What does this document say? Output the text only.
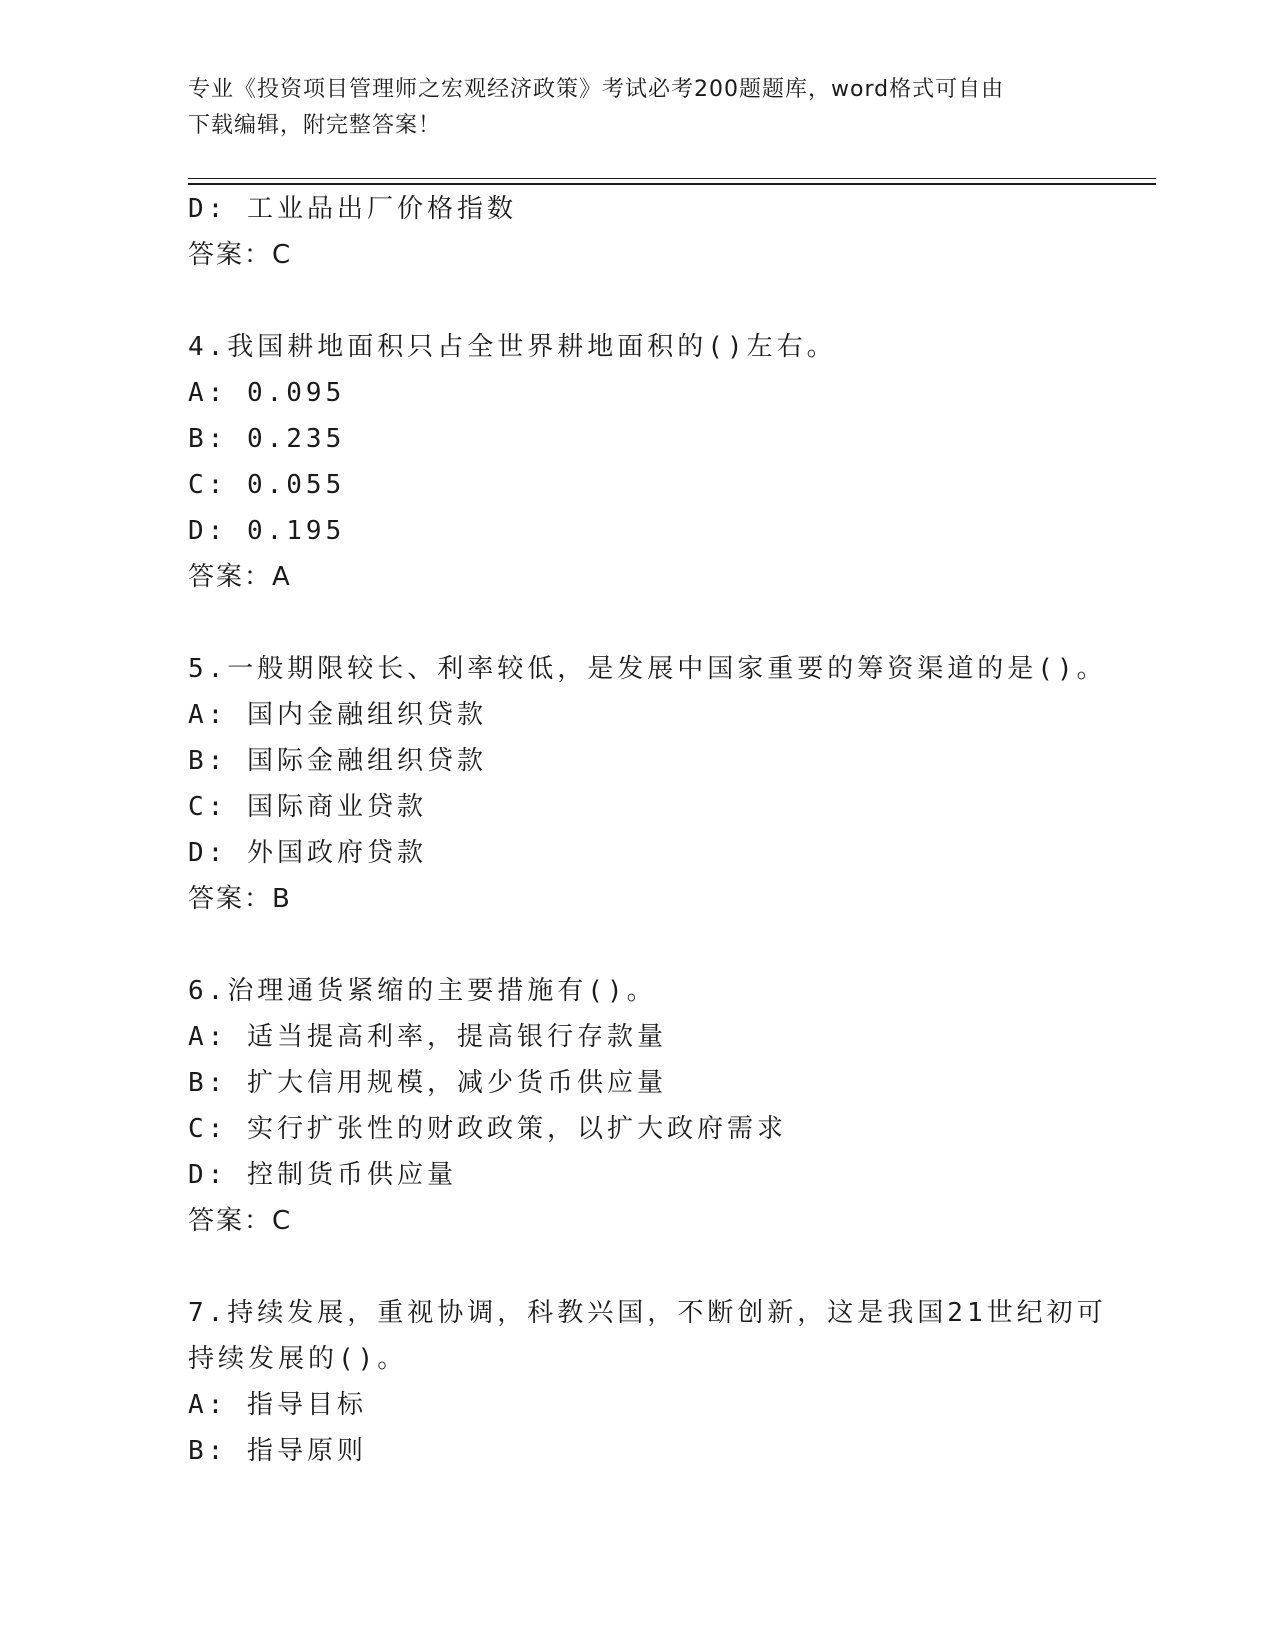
专业《投资项目管理师之宏观经济政策》考试必考200题题库，word格式可自由
下载编辑，附完整答案！
D: 工业品出厂价格指数
答案：C
4.我国耕地面积只占全世界耕地面积的()左右。
A: 0.095
B: 0.235
C: 0.055
D: 0.195
答案：A
5.一般期限较长、利率较低，是发展中国家重要的筹资渠道的是()。
A: 国内金融组织贷款
B: 国际金融组织贷款
C: 国际商业贷款
D: 外国政府贷款
答案：B
6.治理通货紧缩的主要措施有()。
A: 适当提高利率，提高银行存款量
B: 扩大信用规模，减少货币供应量
C: 实行扩张性的财政政策，以扩大政府需求
D: 控制货币供应量
答案：C
7.持续发展，重视协调，科教兴国，不断创新，这是我国21世纪初可
持续发展的()。
A: 指导目标
B: 指导原则
